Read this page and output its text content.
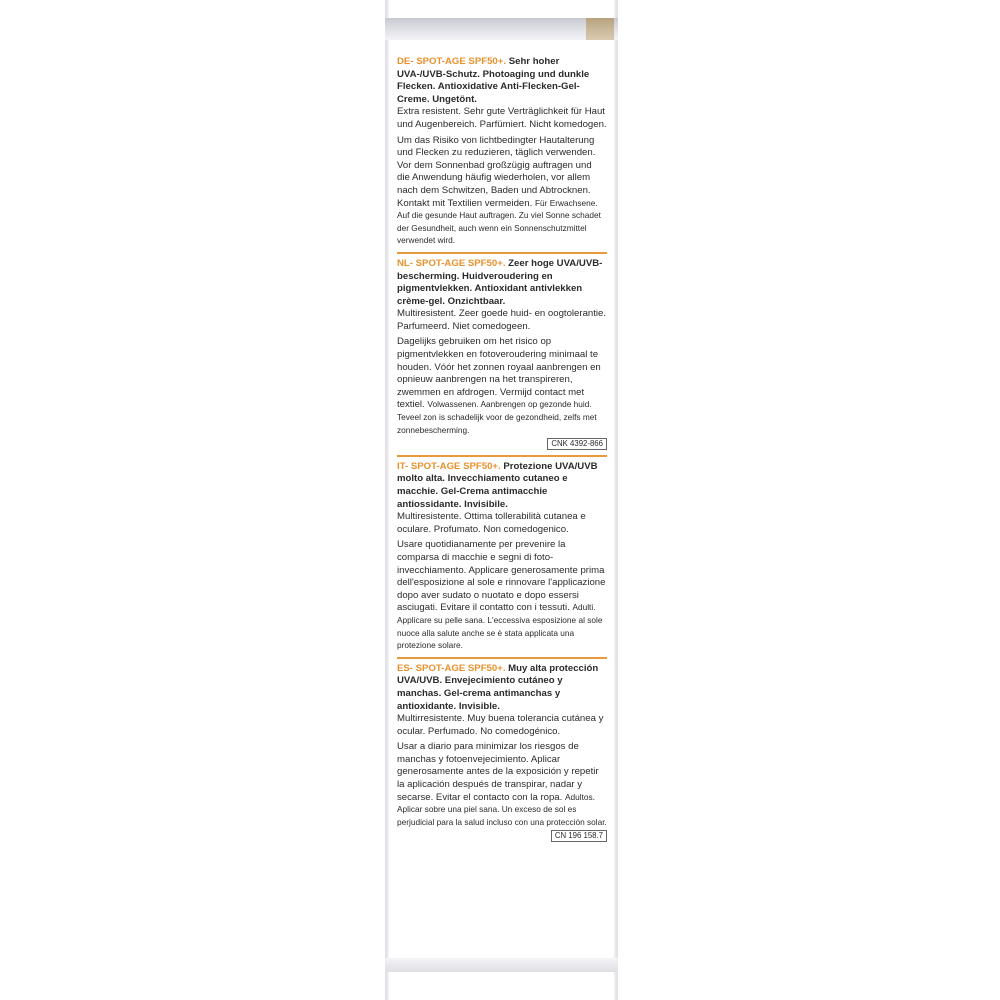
DE- SPOT-AGE SPF50+. Sehr hoher UVA-/UVB-Schutz. Photoaging und dunkle Flecken. Antioxidative Anti-Flecken-Gel-Creme. Ungetönt.

Extra resistent. Sehr gute Verträglichkeit für Haut und Augenbereich. Parfümiert. Nicht komedogen.

Um das Risiko von lichtbedingter Hautalterung und Flecken zu reduzieren, täglich verwenden. Vor dem Sonnenbad großzügig auftragen und die Anwendung häufig wiederholen, vor allem nach dem Schwitzen, Baden und Abtrocknen. Kontakt mit Textilien vermeiden. Für Erwachsene. Auf die gesunde Haut auftragen. Zu viel Sonne schadet der Gesundheit, auch wenn ein Sonnenschutzmittel verwendet wird.

NL- SPOT-AGE SPF50+. Zeer hoge UVA/UVB-bescherming. Huidveroudering en pigmentvlekken. Antioxidant antivlekken crème-gel. Onzichtbaar.

Multiresistent. Zeer goede huid- en oogtolerantie. Parfumeerd. Niet comedogeen.

Dagelijks gebruiken om het risico op pigmentvlekken en fotoveroudering minimaal te houden. Vóór het zonnen royaal aanbrengen en opnieuw aanbrengen na het transpireren, zwemmen en afdrogen. Vermijd contact met textiel. Volwassenen. Aanbrengen op gezonde huid. Teveel zon is schadelijk voor de gezondheid, zelfs met zonnebescherming.

CNK 4392-866

IT- SPOT-AGE SPF50+. Protezione UVA/UVB molto alta. Invecchiamento cutaneo e macchie. Gel-Crema antimacchie antiossidante. Invisibile.

Multiresistente. Ottima tollerabilità cutanea e oculare. Profumato. Non comedogenico.

Usare quotidianamente per prevenire la comparsa di macchie e segni di foto-invecchiamento. Applicare generosamente prima dell'esposizione al sole e rinnovare l'applicazione dopo aver sudato o nuotato e dopo essersi asciugati. Evitare il contatto con i tessuti. Adulti. Applicare su pelle sana. L'eccessiva esposizione al sole nuoce alla salute anche se è stata applicata una protezione solare.

ES- SPOT-AGE SPF50+. Muy alta protección UVA/UVB. Envejecimiento cutáneo y manchas. Gel-crema antimanchas y antioxidante. Invisible.

Multirresistente. Muy buena tolerancia cutánea y ocular. Perfumado. No comedogénico.

Usar a diario para minimizar los riesgos de manchas y fotoenvejecimiento. Aplicar generosamente antes de la exposición y repetir la aplicación después de transpirar, nadar y secarse. Evitar el contacto con la ropa. Adultos. Aplicar sobre una piel sana. Un exceso de sol es perjudicial para la salud incluso con una protección solar.

CN 196 158.7
